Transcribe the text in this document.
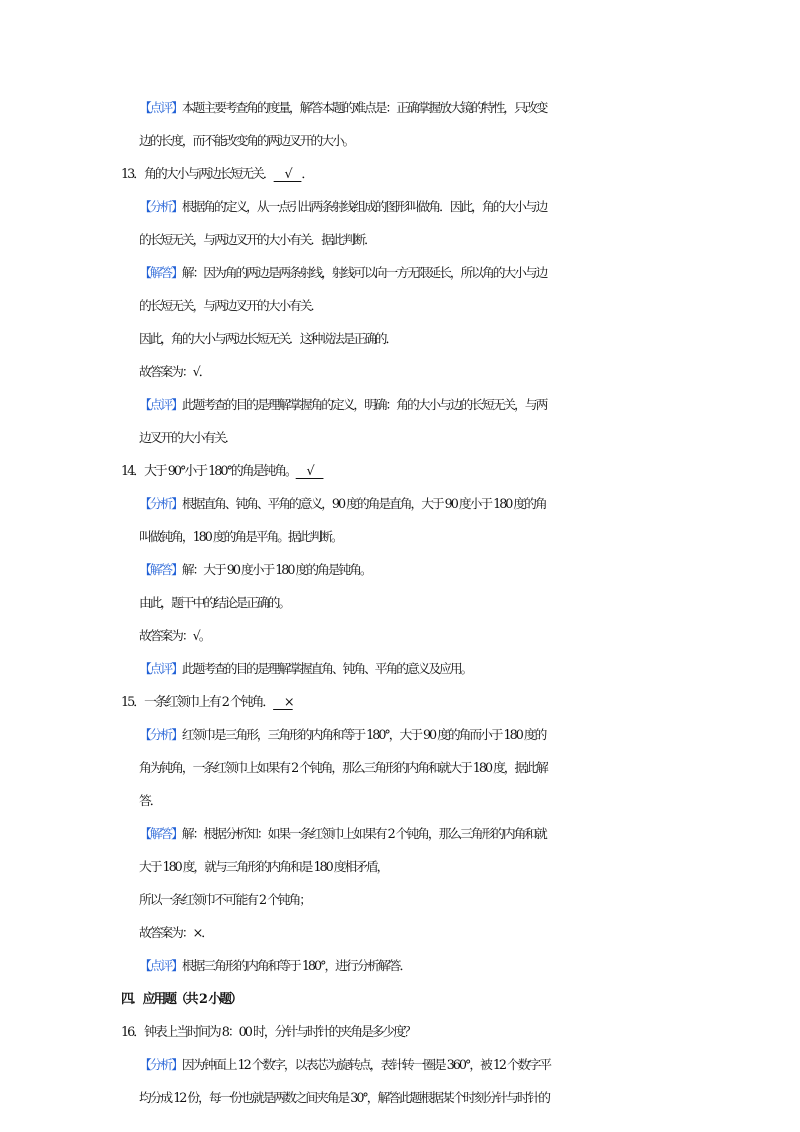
【点评】本题主要考查角的度量，解答本题的难点是：正确掌握放大镜的特性，只改变
边的长度，而不能改变角的两边叉开的大小。
13．角的大小与两边长短无关．　√　．
【分析】根据角的定义，从一点引出两条射线组成的图形叫做角．因此，角的大小与边
的长短无关，与两边叉开的大小有关．据此判断．
【解答】解：因为角的两边是两条射线，射线可以向一方无限延长，所以角的大小与边
的长短无关，与两边叉开的大小有关．
因此，角的大小与两边长短无关．这种说法是正确的．
故答案为：√．
【点评】此题考查的目的是理解掌握角的定义，明确：角的大小与边的长短无关，与两
边叉开的大小有关．
14．大于 90°小于 180°的角是钝角。　√　
【分析】根据直角、钝角、平角的意义，90 度的角是直角，大于 90 度小于 180 度的角
叫做钝角，180 度的角是平角。据此判断。
【解答】解：大于 90 度小于 180 度的角是钝角。
由此，题干中的结论是正确的。
故答案为：√。
【点评】此题考查的目的是理解掌握直角、钝角、平角的意义及应用。
15．一条红领巾上有 2 个钝角．　×
【分析】红领巾是三角形，三角形的内角和等于 180°，大于 90 度的角而小于 180 度的
角为钝角，一条红领巾上如果有 2 个钝角，那么三角形的内角和就大于 180 度，据此解
答．
【解答】解：根据分析知：如果一条红领巾上如果有 2 个钝角，那么三角形的内角和就
大于 180 度，就与三角形的内角和是 180 度相矛盾，
所以一条红领巾不可能有 2 个钝角；
故答案为：×．
【点评】根据三角形的内角和等于 180°，进行分析解答．
四．应用题（共 2 小题）
16．钟表上当时间为 8：00 时，分针与时针的夹角是多少度？
【分析】因为钟面上 12 个数字，以表芯为旋转点，表针转一圈是 360°，被 12 个数字平
均分成 12 份，每一份也就是两数之间夹角是 30°，解答此题根据某个时刻分针与时针的
